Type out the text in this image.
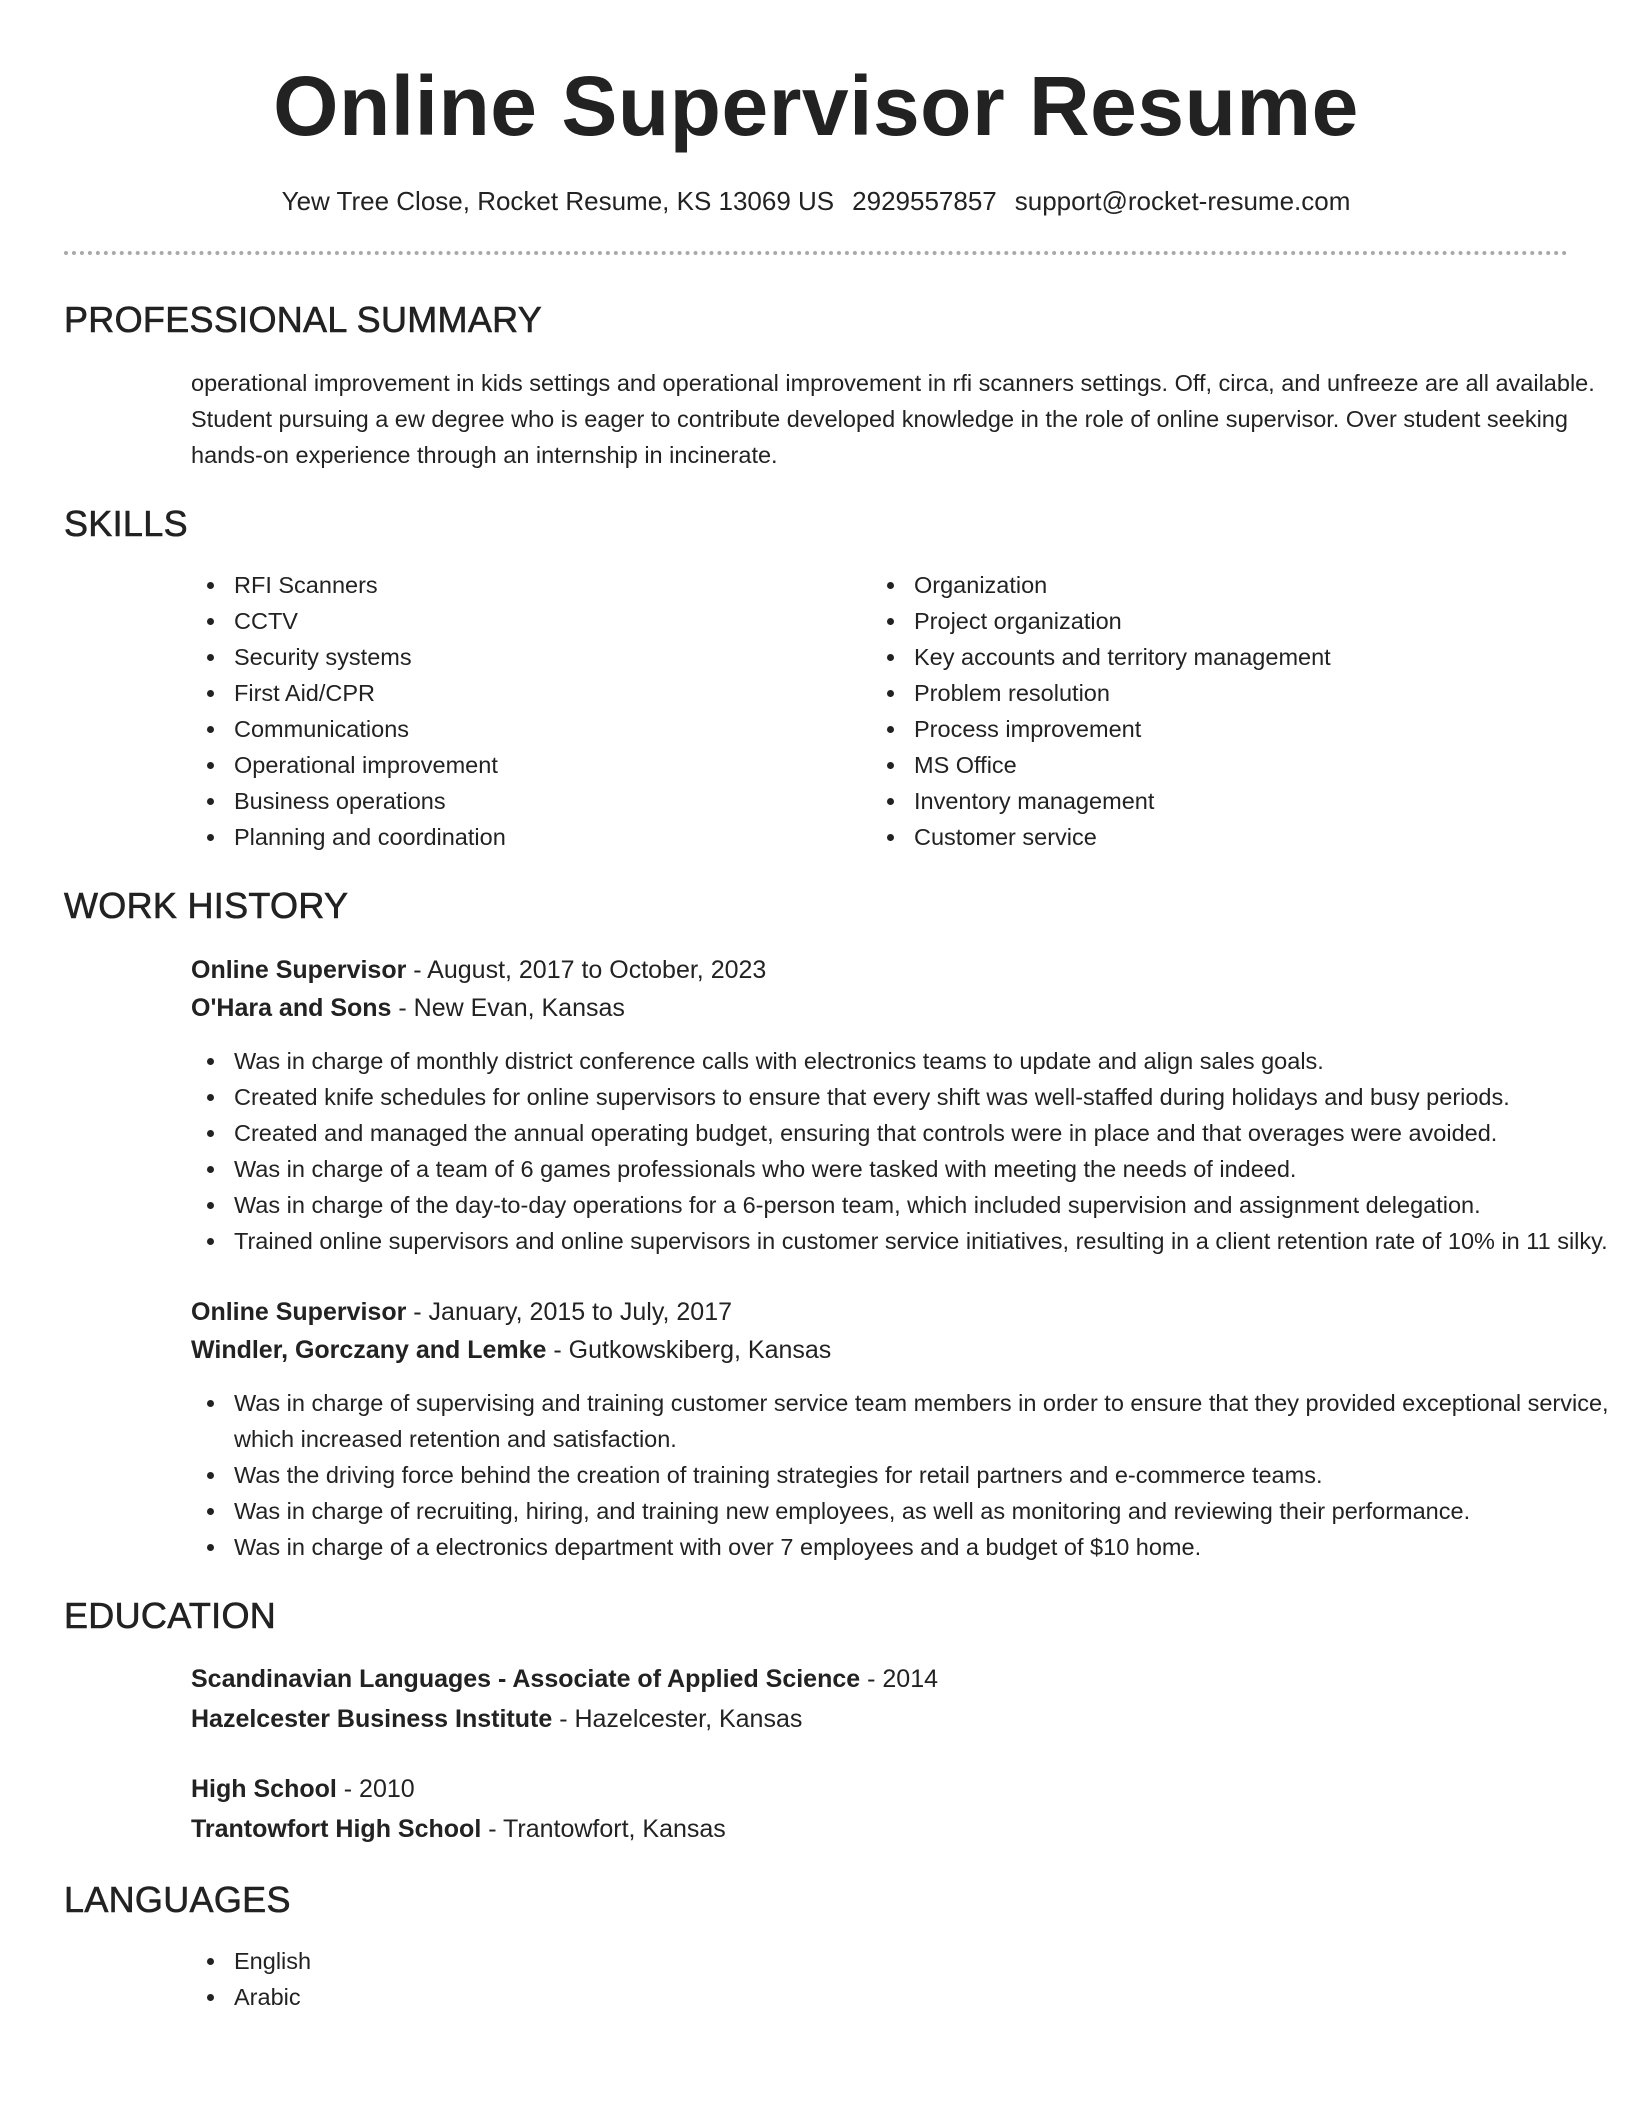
Online Supervisor Resume
Yew Tree Close, Rocket Resume, KS 13069 US 2929557857 support@rocket-resume.com
PROFESSIONAL SUMMARY

operational improvement in kids settings and operational improvement in rfi scanners settings. Off, circa, and unfreeze are all available. Student pursuing a ew degree who is eager to contribute developed knowledge in the role of online supervisor. Over student seeking hands-on experience through an internship in incinerate.

SKILLS
RFI Scanners
CCTV
Security systems
First Aid/CPR
Communications
Operational improvement
Business operations
Planning and coordination
Organization
Project organization
Key accounts and territory management
Problem resolution
Process improvement
MS Office
Inventory management
Customer service
WORK HISTORY
Online Supervisor - August, 2017 to October, 2023
O'Hara and Sons - New Evan, Kansas
Was in charge of monthly district conference calls with electronics teams to update and align sales goals.
Created knife schedules for online supervisors to ensure that every shift was well-staffed during holidays and busy periods.
Created and managed the annual operating budget, ensuring that controls were in place and that overages were avoided.
Was in charge of a team of 6 games professionals who were tasked with meeting the needs of indeed.
Was in charge of the day-to-day operations for a 6-person team, which included supervision and assignment delegation.
Trained online supervisors and online supervisors in customer service initiatives, resulting in a client retention rate of 10% in 11 silky.
Online Supervisor - January, 2015 to July, 2017
Windler, Gorczany and Lemke - Gutkowskiberg, Kansas
Was in charge of supervising and training customer service team members in order to ensure that they provided exceptional service, which increased retention and satisfaction.
Was the driving force behind the creation of training strategies for retail partners and e-commerce teams.
Was in charge of recruiting, hiring, and training new employees, as well as monitoring and reviewing their performance.
Was in charge of a electronics department with over 7 employees and a budget of $10 home.
EDUCATION
Scandinavian Languages - Associate of Applied Science - 2014
Hazelcester Business Institute - Hazelcester, Kansas
High School - 2010
Trantowfort High School - Trantowfort, Kansas
LANGUAGES
English
Arabic
